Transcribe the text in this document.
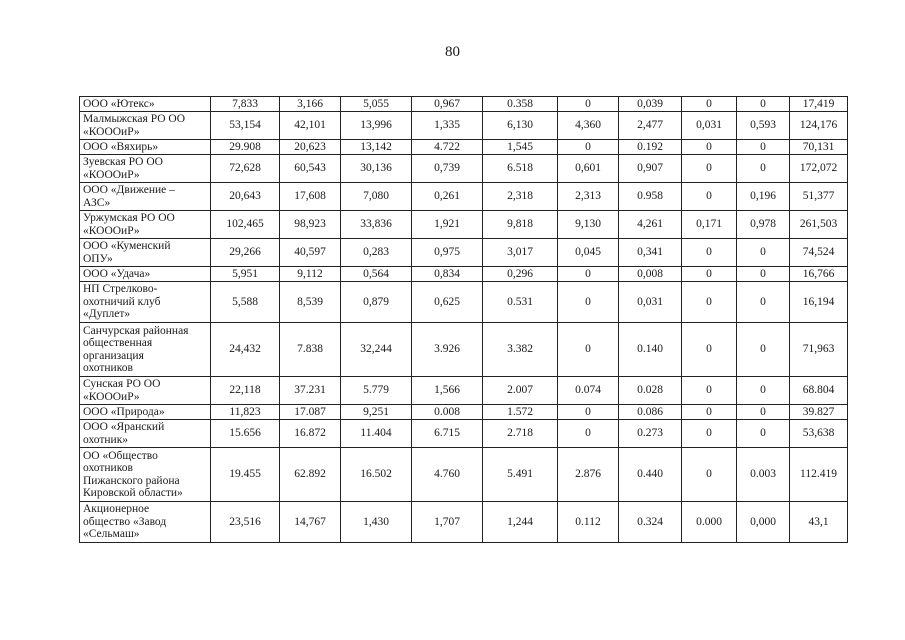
80
ООО «Ютекс»	7,833	3,166	5,055	0,967	0.358	0	0,039	0	0	17,419

Малмыжская РО ОО
«КОООиР»	53,154	42,101	13,996	1,335	6,130	4,360	2,477	0,031	0,593	124,176

ООО «Вяхирь»	29.908	20,623	13,142	4.722	1,545	0	0.192	0	0	70,131

Зуевская РО ОО
«КОООиР»	72,628	60,543	30,136	0,739	6.518	0,601	0,907	0	0	172,072

ООО «Движение –
АЗС»	20,643	17,608	7,080	0,261	2,318	2,313	0.958	0	0,196	51,377

Уржумская РО ОО
«КОООиР»	102,465	98,923	33,836	1,921	9,818	9,130	4,261	0,171	0,978	261,503

ООО «Куменский
ОПУ»	29,266	40,597	0,283	0,975	3,017	0,045	0,341	0	0	74,524

ООО «Удача»	5,951	9,112	0,564	0,834	0,296	0	0,008	0	0	16,766

НП Стрелково-
охотничий клуб
«Дуплет»	5,588	8,539	0,879	0,625	0.531	0	0,031	0	0	16,194

Санчурская районная
общественная
организация
охотников	24,432	7.838	32,244	3.926	3.382	0	0.140	0	0	71,963

Сунская РО ОО
«КОООиР»	22,118	37.231	5.779	1,566	2.007	0.074	0.028	0	0	68.804

ООО «Природа»	11,823	17.087	9,251	0.008	1.572	0	0.086	0	0	39.827

ООО «Яранский
охотник»	15.656	16.872	11.404	6.715	2.718	0	0.273	0	0	53,638

ОО «Общество
охотников
Пижанского района
Кировской области»	19.455	62.892	16.502	4.760	5.491	2.876	0.440	0	0.003	112.419

Акционерное
общество «Завод
«Сельмаш»	23,516	14,767	1,430	1,707	1,244	0.112	0.324	0.000	0,000	43,1
